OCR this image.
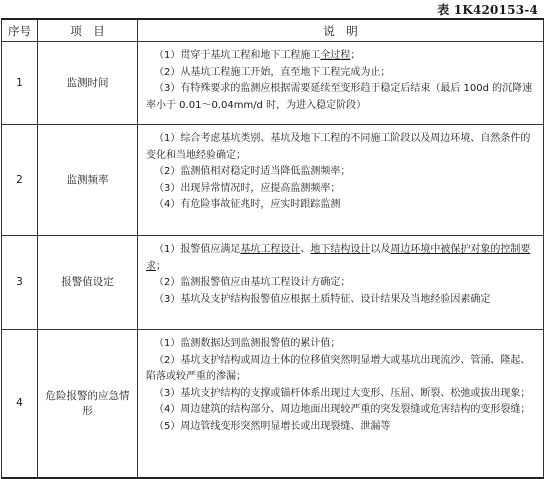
表 1K420153-4
序号	项　目	说　明
1	监测时间	（1）贯穿于基坑工程和地下工程施工全过程；
（2）从基坑工程施工开始，直至地下工程完成为止；
（3）有特殊要求的监测应根据需要延续至变形趋于稳定后结束（最后 100d 的沉降速率小于 0.01～0.04mm/d 时，为进入稳定阶段）

2	监测频率	（1）综合考虑基坑类别、基坑及地下工程的不同施工阶段以及周边环境、自然条件的变化和当地经验确定；
（2）监测值相对稳定时适当降低监测频率；
（3）出现异常情况时，应提高监测频率；
（4）有危险事故征兆时，应实时跟踪监测

3	报警值设定	（1）报警值应满足基坑工程设计、地下结构设计以及周边环境中被保护对象的控制要求；
（2）监测报警值应由基坑工程设计方确定；
（3）基坑及支护结构报警值应根据土质特征、设计结果及当地经验因素确定

4	危险报警的应急情形	（1）监测数据达到监测报警值的累计值；
（2）基坑支护结构或周边土体的位移值突然明显增大或基坑出现流沙、管涌、隆起、陷落或较严重的渗漏；
（3）基坑支护结构的支撑或锚杆体系出现过大变形、压屈、断裂、松弛或拔出现象；
（4）周边建筑的结构部分、周边地面出现较严重的突发裂缝或危害结构的变形裂缝；
（5）周边管线变形突然明显增长或出现裂缝、泄漏等
